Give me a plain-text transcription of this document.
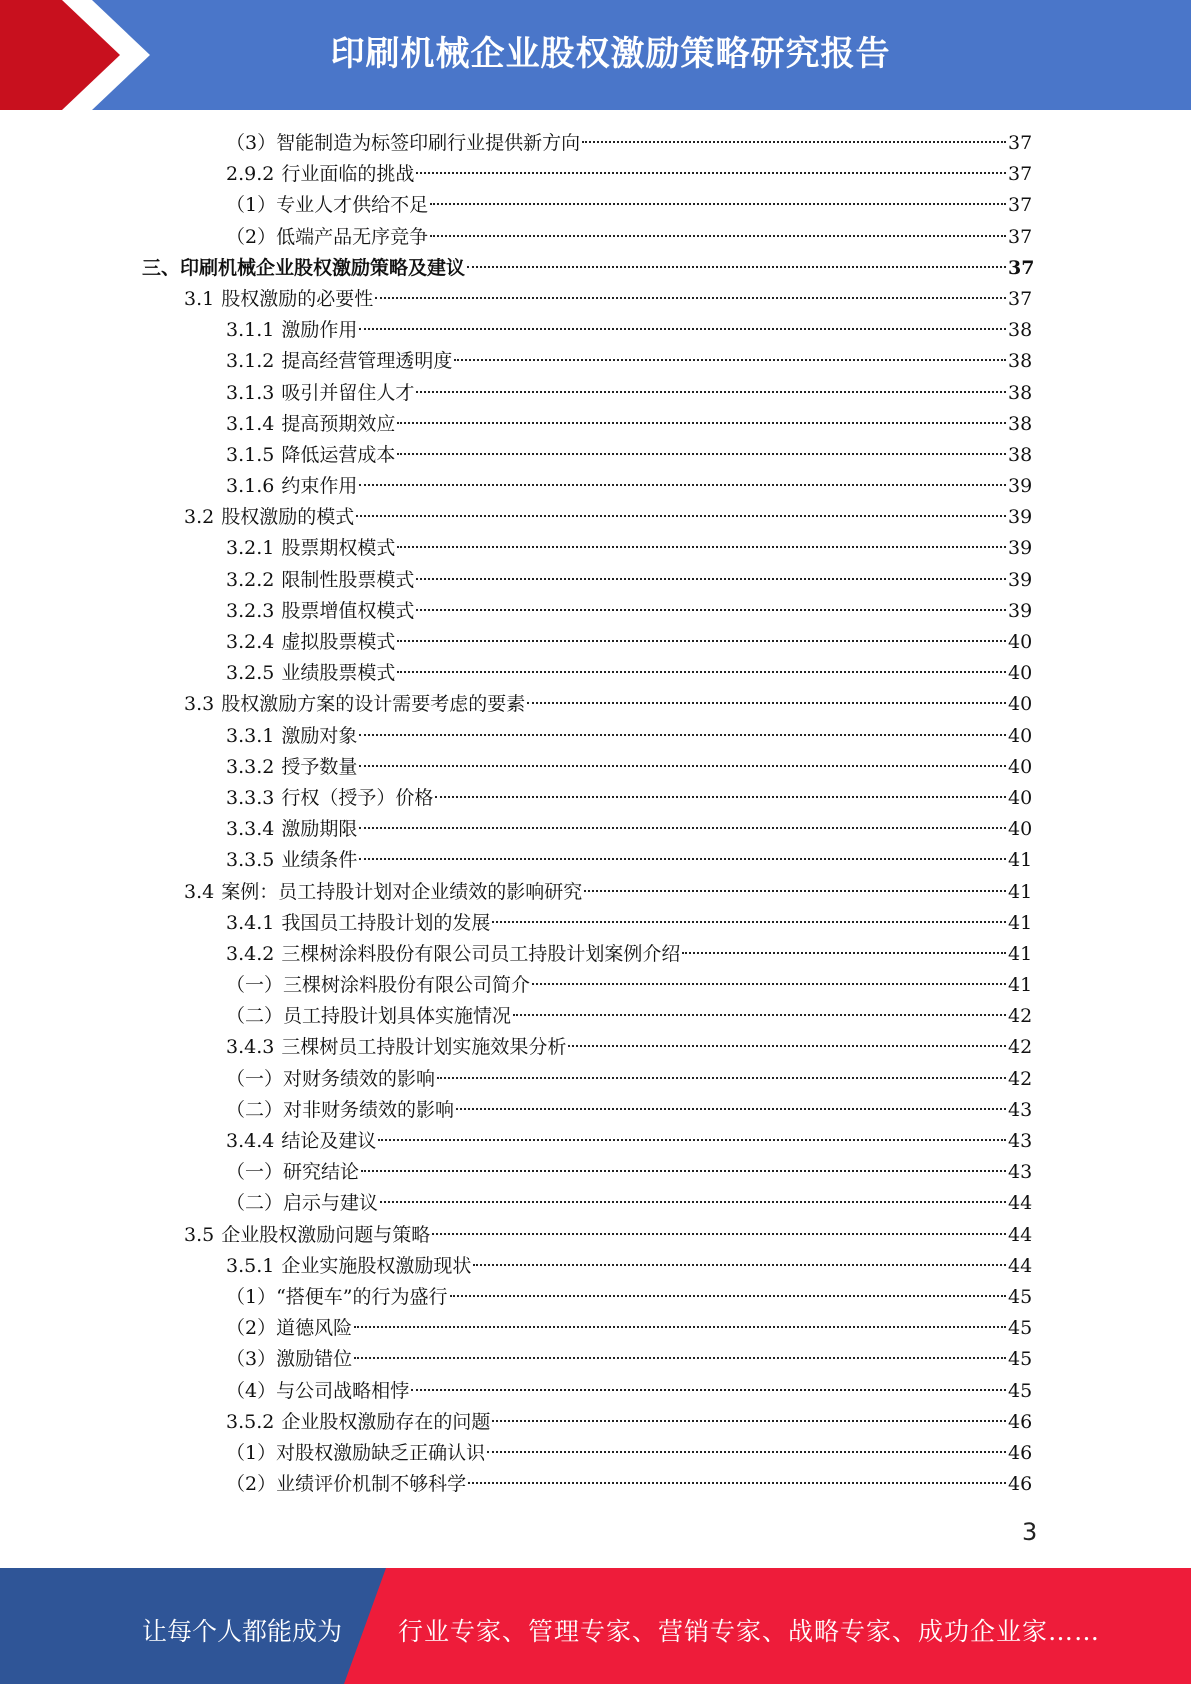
印刷机械企业股权激励策略研究报告
（3）智能制造为标签印刷行业提供新方向	37
2.9.2 行业面临的挑战	37
（1）专业人才供给不足	37
（2）低端产品无序竞争	37
三、印刷机械企业股权激励策略及建议	37
3.1 股权激励的必要性	37
3.1.1 激励作用	38
3.1.2 提高经营管理透明度	38
3.1.3 吸引并留住人才	38
3.1.4 提高预期效应	38
3.1.5 降低运营成本	38
3.1.6 约束作用	39
3.2 股权激励的模式	39
3.2.1 股票期权模式	39
3.2.2 限制性股票模式	39
3.2.3 股票增值权模式	39
3.2.4 虚拟股票模式	40
3.2.5 业绩股票模式	40
3.3 股权激励方案的设计需要考虑的要素	40
3.3.1 激励对象	40
3.3.2 授予数量	40
3.3.3 行权（授予）价格	40
3.3.4 激励期限	40
3.3.5 业绩条件	41
3.4 案例：员工持股计划对企业绩效的影响研究	41
3.4.1 我国员工持股计划的发展	41
3.4.2 三棵树涂料股份有限公司员工持股计划案例介绍	41
（一）三棵树涂料股份有限公司简介	41
（二）员工持股计划具体实施情况	42
3.4.3 三棵树员工持股计划实施效果分析	42
（一）对财务绩效的影响	42
（二）对非财务绩效的影响	43
3.4.4 结论及建议	43
（一）研究结论	43
（二）启示与建议	44
3.5 企业股权激励问题与策略	44
3.5.1 企业实施股权激励现状	44
（1）“搭便车”的行为盛行	45
（2）道德风险	45
（3）激励错位	45
（4）与公司战略相悖	45
3.5.2 企业股权激励存在的问题	46
（1）对股权激励缺乏正确认识	46
（2）业绩评价机制不够科学	46
3
让每个人都能成为 行业专家、管理专家、营销专家、战略专家、成功企业家……
